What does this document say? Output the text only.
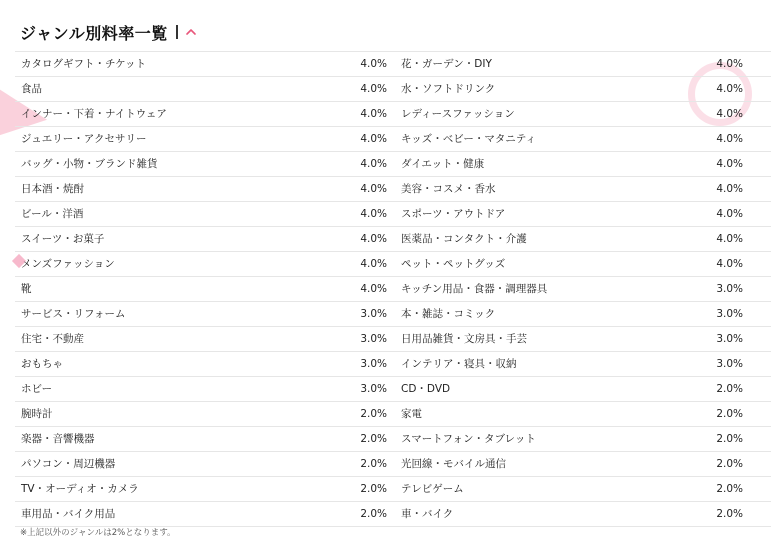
ジャンル別料率一覧
カタログギフト・チケット	4.0%	花・ガーデン・DIY	4.0%
食品	4.0%	水・ソフトドリンク	4.0%
インナー・下着・ナイトウェア	4.0%	レディースファッション	4.0%
ジュエリー・アクセサリー	4.0%	キッズ・ベビー・マタニティ	4.0%
バッグ・小物・ブランド雑貨	4.0%	ダイエット・健康	4.0%
日本酒・焼酎	4.0%	美容・コスメ・香水	4.0%
ビール・洋酒	4.0%	スポーツ・アウトドア	4.0%
スイーツ・お菓子	4.0%	医薬品・コンタクト・介護	4.0%
メンズファッション	4.0%	ペット・ペットグッズ	4.0%
靴	4.0%	キッチン用品・食器・調理器具	3.0%
サービス・リフォーム	3.0%	本・雑誌・コミック	3.0%
住宅・不動産	3.0%	日用品雑貨・文房具・手芸	3.0%
おもちゃ	3.0%	インテリア・寝具・収納	3.0%
ホビー	3.0%	CD・DVD	2.0%
腕時計	2.0%	家電	2.0%
楽器・音響機器	2.0%	スマートフォン・タブレット	2.0%
パソコン・周辺機器	2.0%	光回線・モバイル通信	2.0%
TV・オーディオ・カメラ	2.0%	テレビゲーム	2.0%
車用品・バイク用品	2.0%	車・バイク	2.0%
※上記以外のジャンルは2%となります。
